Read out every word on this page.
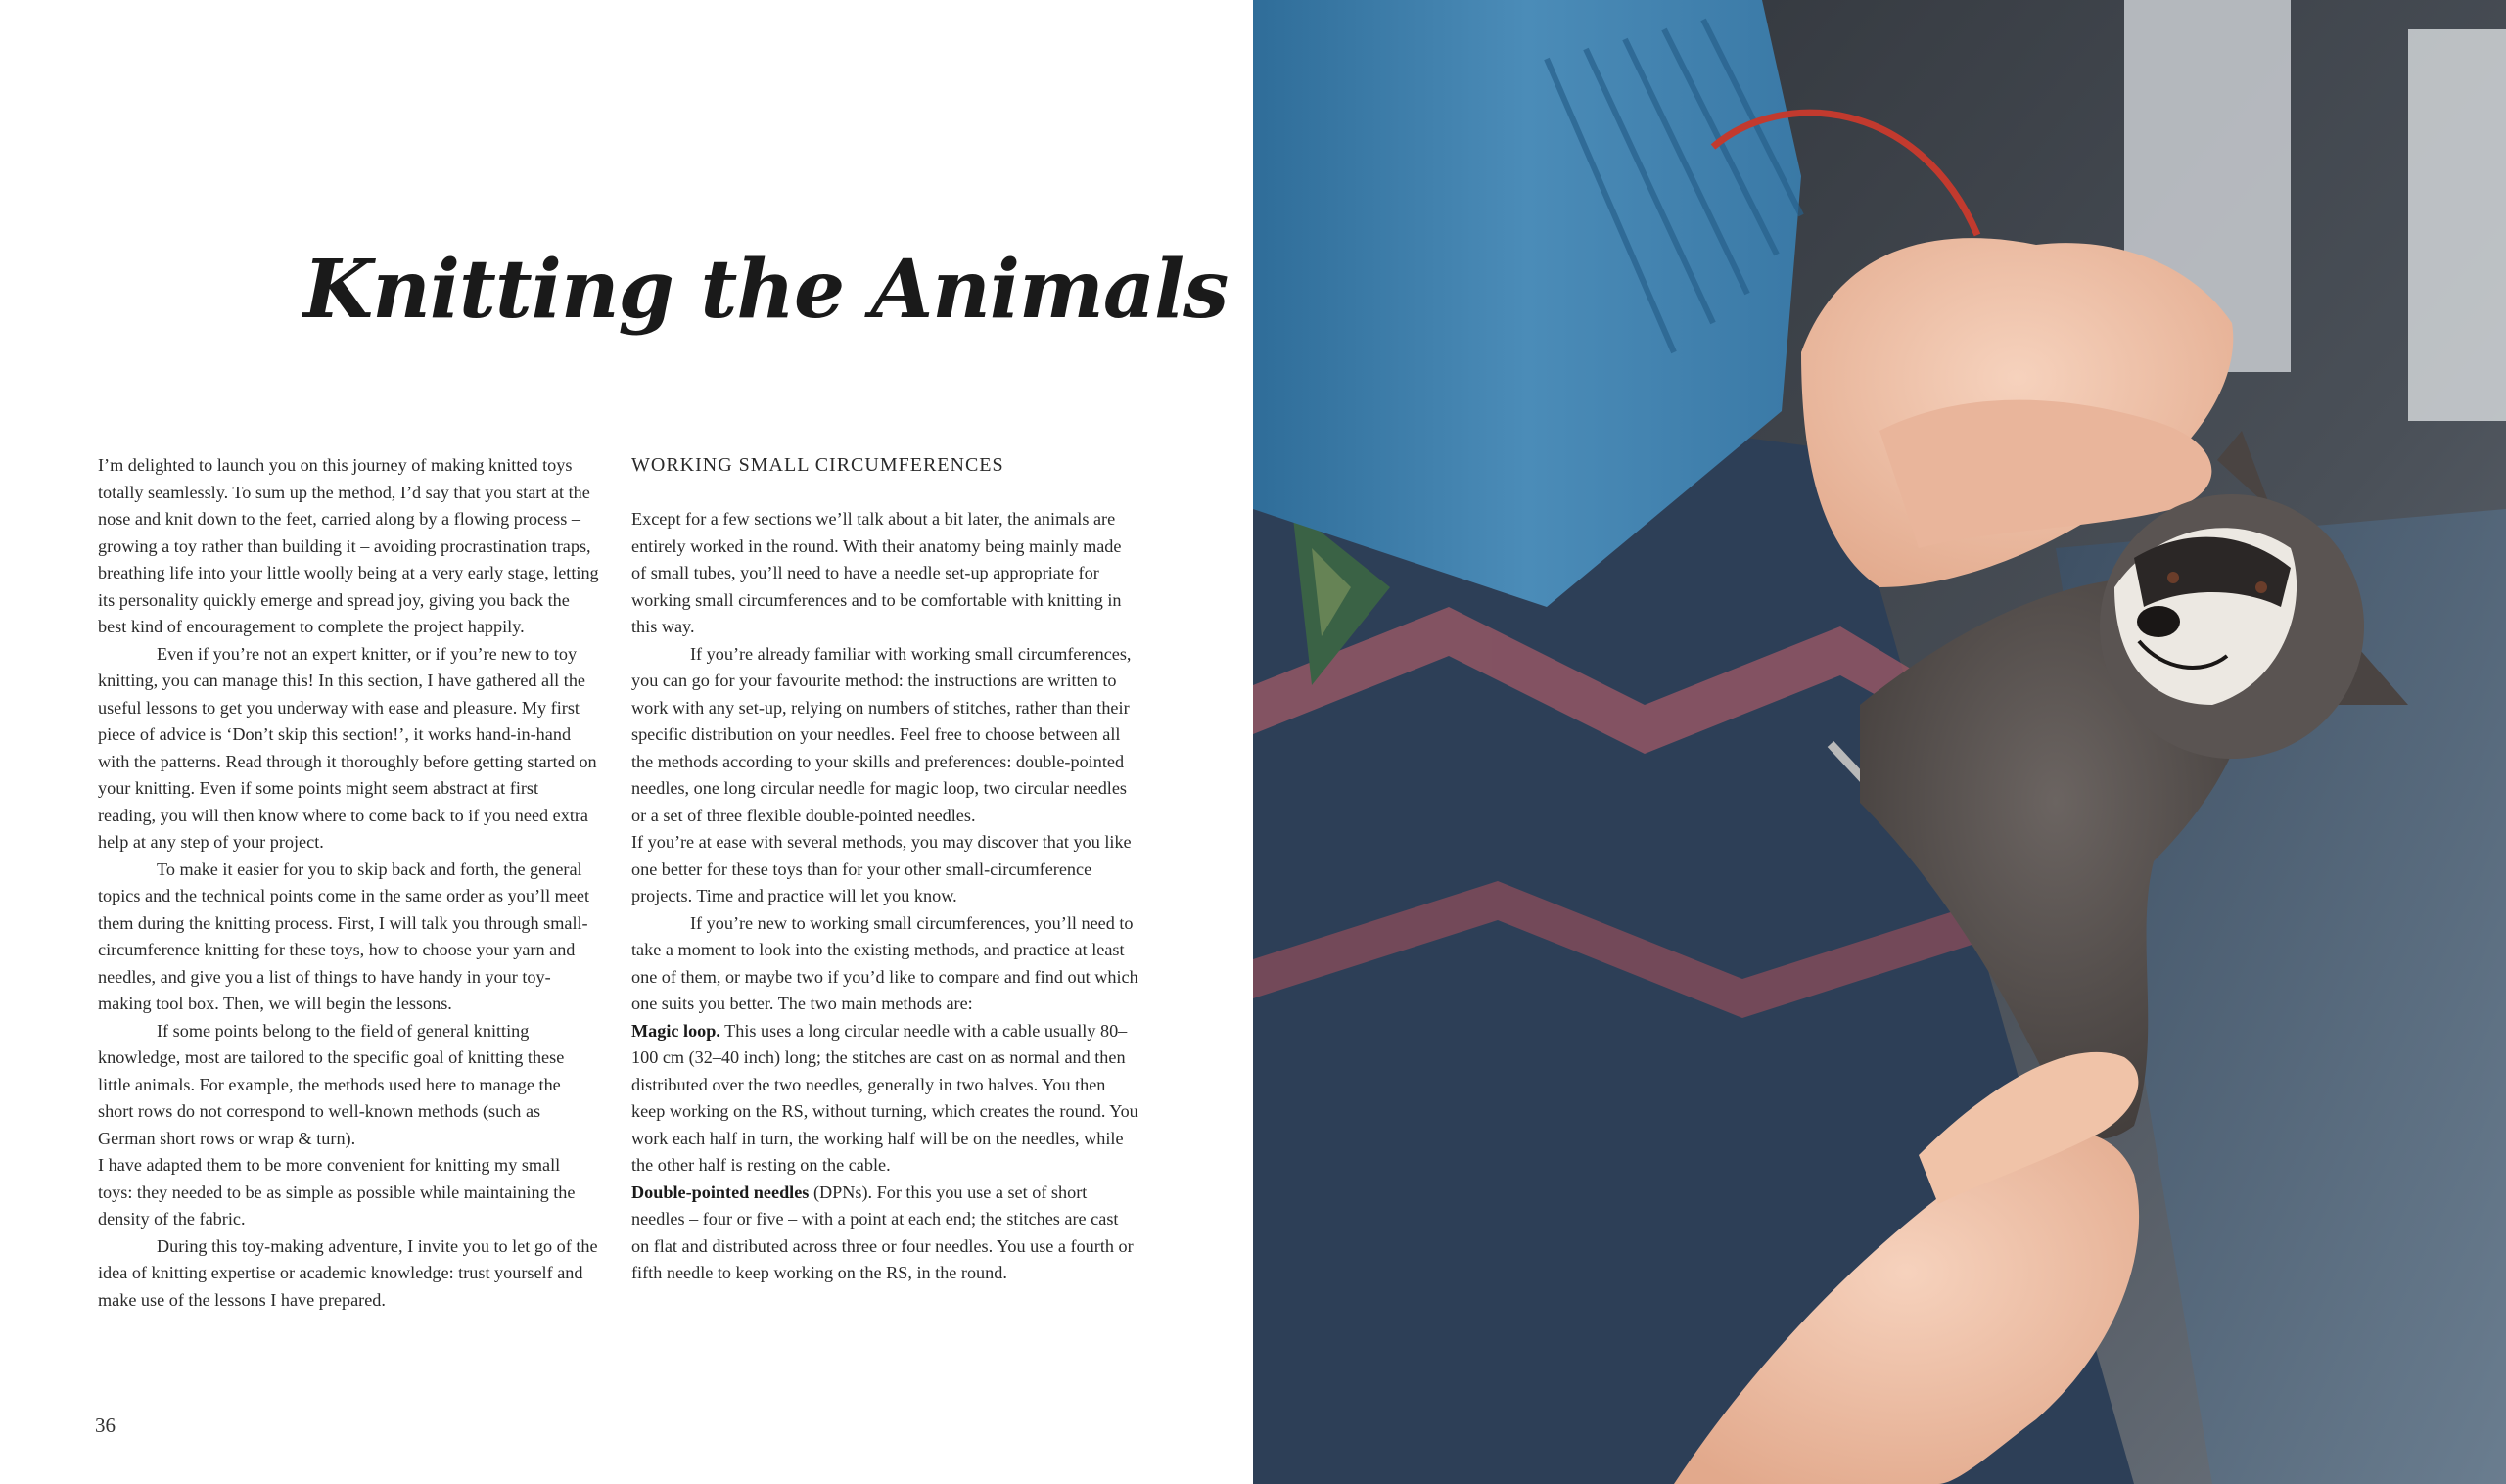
Knitting the Animals

I’m delighted to launch you on this journey of making knitted toys totally seamlessly. To sum up the method, I’d say that you start at the nose and knit down to the feet, carried along by a flowing process – growing a toy rather than building it – avoiding procrastination traps, breathing life into your little woolly being at a very early stage, letting its personality quickly emerge and spread joy, giving you back the best kind of encouragement to complete the project happily.

Even if you’re not an expert knitter, or if you’re new to toy knitting, you can manage this! In this section, I have gathered all the useful lessons to get you underway with ease and pleasure. My first piece of advice is ‘Don’t skip this section!’, it works hand-in-hand with the patterns. Read through it thoroughly before getting started on your knitting. Even if some points might seem abstract at first reading, you will then know where to come back to if you need extra help at any step of your project.

To make it easier for you to skip back and forth, the general topics and the technical points come in the same order as you’ll meet them during the knitting process. First, I will talk you through small-circumference knitting for these toys, how to choose your yarn and needles, and give you a list of things to have handy in your toy-making tool box. Then, we will begin the lessons.

If some points belong to the field of general knitting knowledge, most are tailored to the specific goal of knitting these little animals. For example, the methods used here to manage the short rows do not correspond to well-known methods (such as German short rows or wrap & turn).

I have adapted them to be more convenient for knitting my small toys: they needed to be as simple as possible while maintaining the density of the fabric.

During this toy-making adventure, I invite you to let go of the idea of knitting expertise or academic knowledge: trust yourself and make use of the lessons I have prepared.

WORKING SMALL CIRCUMFERENCES

Except for a few sections we’ll talk about a bit later, the animals are entirely worked in the round. With their anatomy being mainly made of small tubes, you’ll need to have a needle set-up appropriate for working small circumferences and to be comfortable with knitting in this way.

If you’re already familiar with working small circumferences, you can go for your favourite method: the instructions are written to work with any set-up, relying on numbers of stitches, rather than their specific distribution on your needles. Feel free to choose between all the methods according to your skills and preferences: double-pointed needles, one long circular needle for magic loop, two circular needles or a set of three flexible double-pointed needles.

If you’re at ease with several methods, you may discover that you like one better for these toys than for your other small-circumference projects. Time and practice will let you know.

If you’re new to working small circumferences, you’ll need to take a moment to look into the existing methods, and practice at least one of them, or maybe two if you’d like to compare and find out which one suits you better. The two main methods are:

Magic loop. This uses a long circular needle with a cable usually 80–100 cm (32–40 inch) long; the stitches are cast on as normal and then distributed over the two needles, generally in two halves. You then keep working on the RS, without turning, which creates the round. You work each half in turn, the working half will be on the needles, while the other half is resting on the cable.

Double-pointed needles (DPNs). For this you use a set of short needles – four or five – with a point at each end; the stitches are cast on flat and distributed across three or four needles. You use a fourth or fifth needle to keep working on the RS, in the round.

36
